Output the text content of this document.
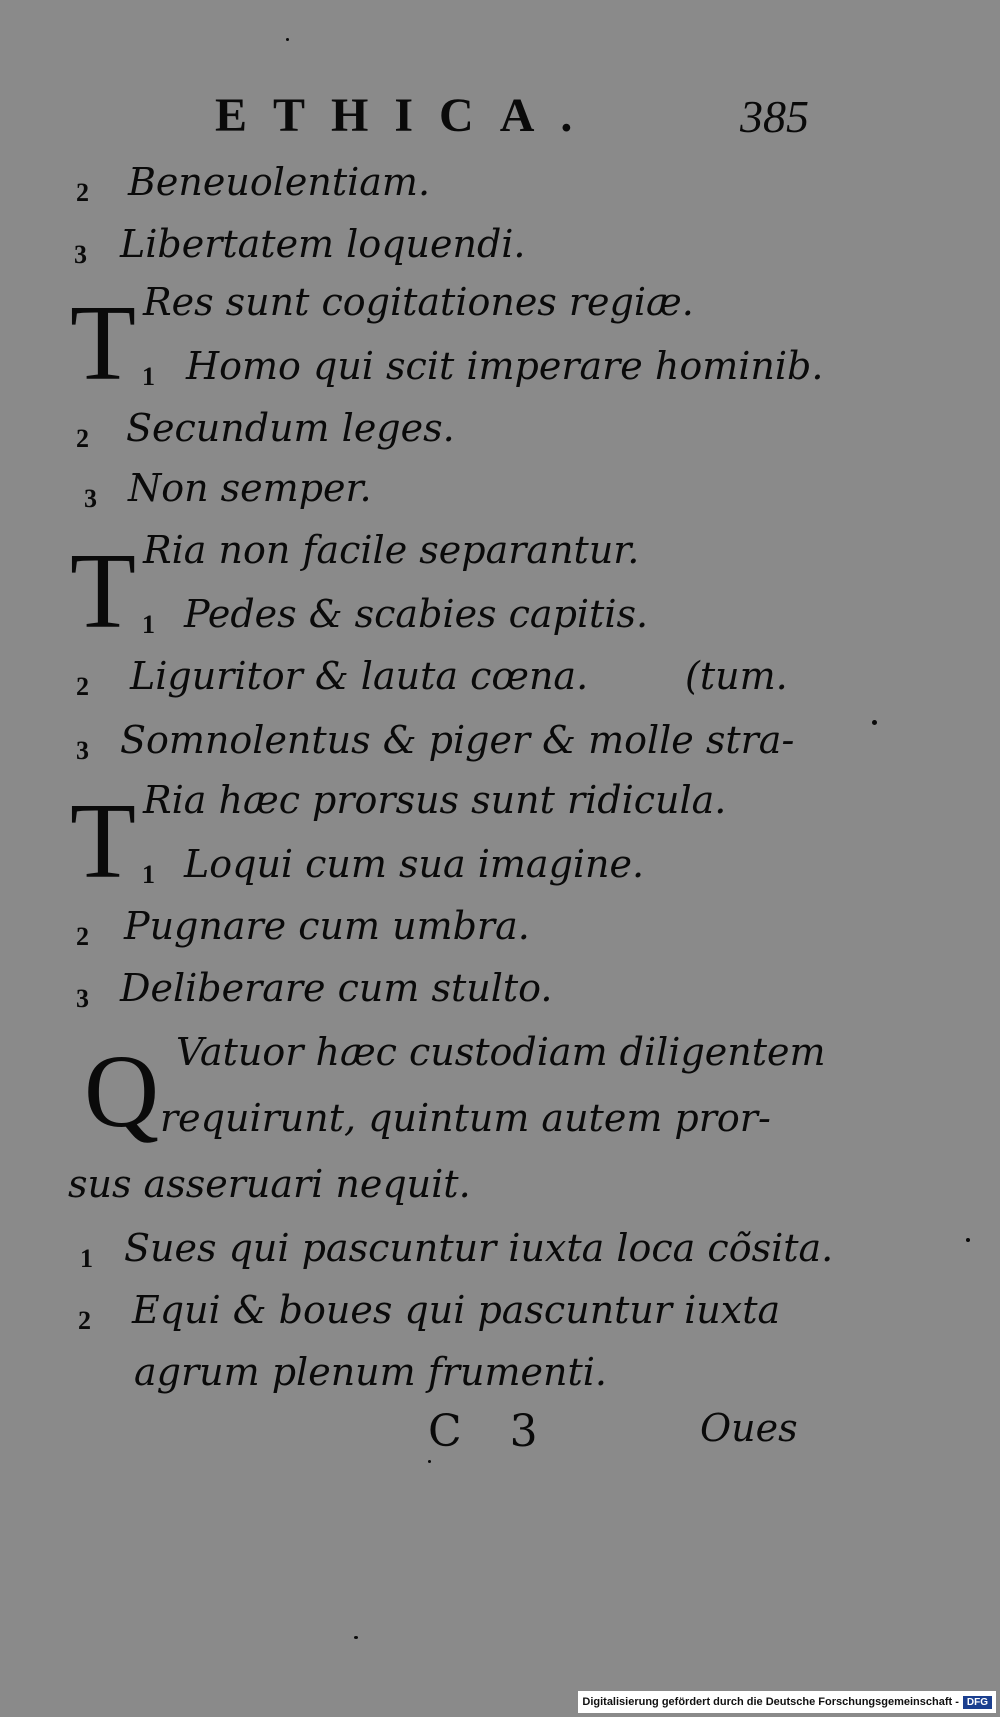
ETHICA.	385
2 Beneuolentiam.
3 Libertatem loquendi.
T Res sunt cogitationes regiæ.
1 Homo qui scit imperare hominib.
2 Secundum leges.
3 Non semper.
T Ria non facile separantur.
1 Pedes & scabies capitis.
2 Liguritor & lauta cœna.	(tum.
3 Somnolentus & piger & molle stra-
T Ria hæc prorsus sunt ridicula.
1 Loqui cum sua imagine.
2 Pugnare cum umbra.
3 Deliberare cum stulto.
Q Vatuor hæc custodiam diligentem
requirunt, quintum autem pror-
sus asseruari nequit.
1 Sues qui pascuntur iuxta loca cõsita.
2 Equi & boues qui pascuntur iuxta
agrum plenum frumenti.
C 3	Oues
Digitalisierung gefördert durch die Deutsche Forschungsgemeinschaft - DFG
